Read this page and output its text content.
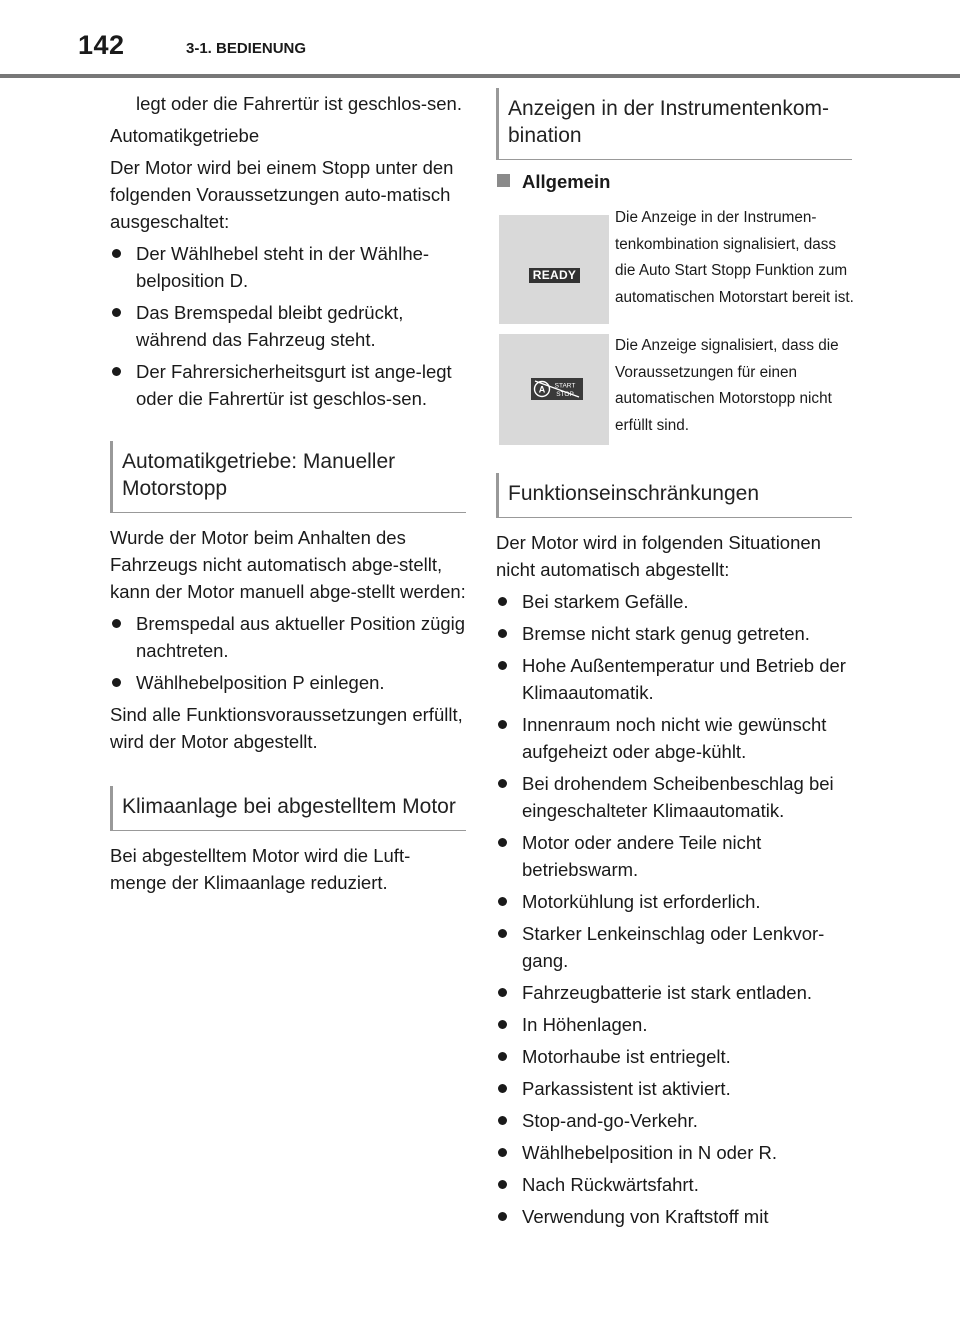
142	3-1. BEDIENUNG

legt oder die Fahrertür ist geschlos-sen.

Automatikgetriebe

Der Motor wird bei einem Stopp unter den folgenden Voraussetzungen auto-matisch ausgeschaltet:

Der Wählhebel steht in der Wählhe-belposition D.
Das Bremspedal bleibt gedrückt, während das Fahrzeug steht.
Der Fahrersicherheitsgurt ist ange-legt oder die Fahrertür ist geschlos-sen.
Automatikgetriebe: Manueller Motorstopp

Wurde der Motor beim Anhalten des Fahrzeugs nicht automatisch abge-stellt, kann der Motor manuell abge-stellt werden:

Bremspedal aus aktueller Position zügig nachtreten.
Wählhebelposition P einlegen.

Sind alle Funktionsvoraussetzungen erfüllt, wird der Motor abgestellt.

Klimaanlage bei abgestelltem Motor

Bei abgestelltem Motor wird die Luft-menge der Klimaanlage reduziert.

Anzeigen in der Instrumentenkom-bination
Allgemein
READY
Die Anzeige in der Instrumen-tenkombination signalisiert, dass die Auto Start Stopp Funktion zum automatischen Motorstart bereit ist.
A START
STOP
Die Anzeige signalisiert, dass die Voraussetzungen für einen automatischen Motorstopp nicht erfüllt sind.
Funktionseinschränkungen

Der Motor wird in folgenden Situationen nicht automatisch abgestellt:

Bei starkem Gefälle.
Bremse nicht stark genug getreten.
Hohe Außentemperatur und Betrieb der Klimaautomatik.
Innenraum noch nicht wie gewünscht aufgeheizt oder abge-kühlt.
Bei drohendem Scheibenbeschlag bei eingeschalteter Klimaautomatik.
Motor oder andere Teile nicht betriebswarm.
Motorkühlung ist erforderlich.
Starker Lenkeinschlag oder Lenkvor-gang.
Fahrzeugbatterie ist stark entladen.
In Höhenlagen.
Motorhaube ist entriegelt.
Parkassistent ist aktiviert.
Stop-and-go-Verkehr.
Wählhebelposition in N oder R.
Nach Rückwärtsfahrt.
Verwendung von Kraftstoff mit
